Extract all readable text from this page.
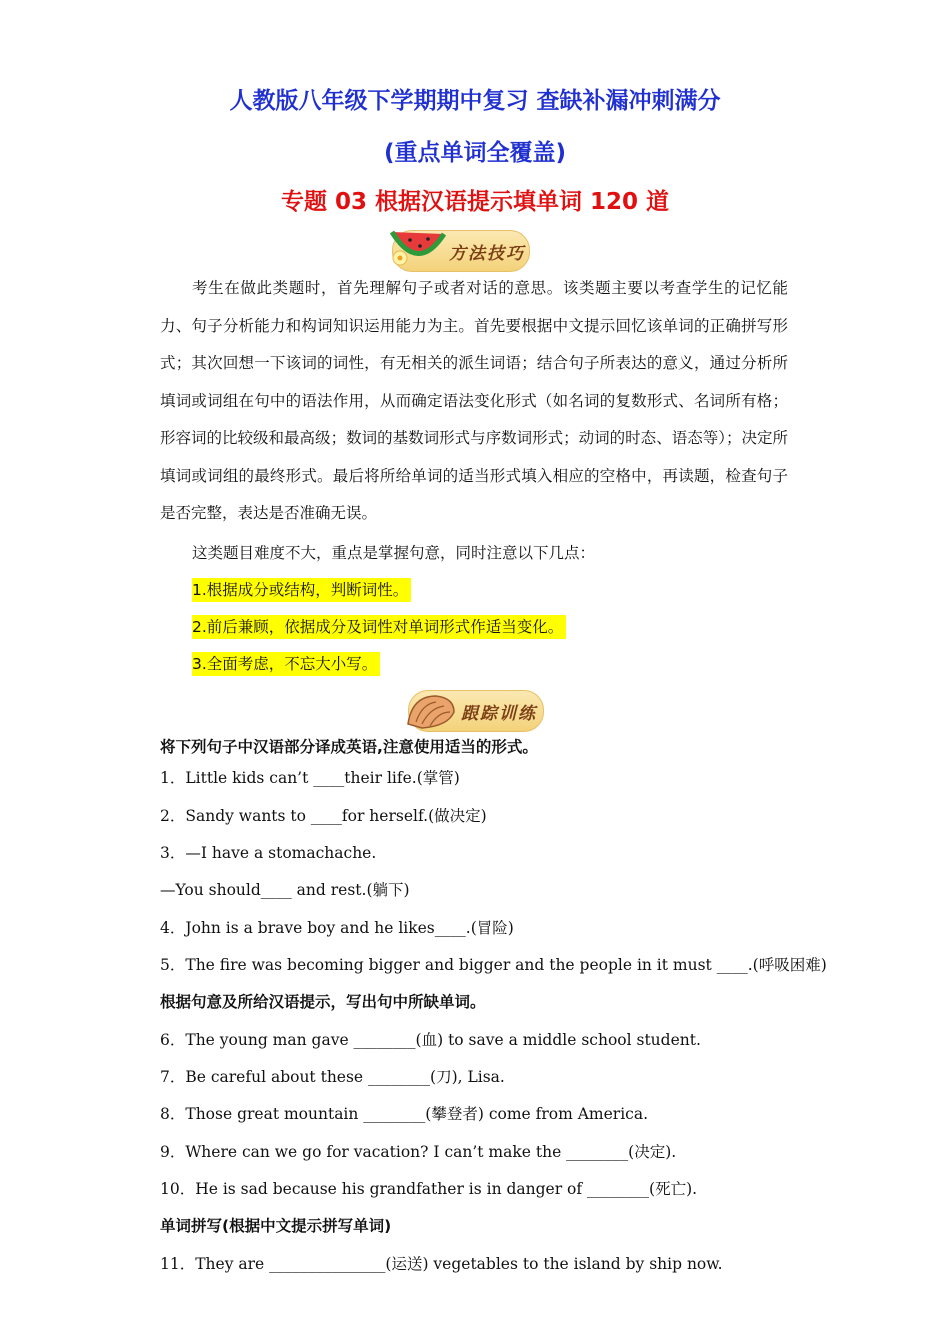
人教版八年级下学期期中复习 查缺补漏冲刺满分
(重点单词全覆盖)
专题 03 根据汉语提示填单词 120 道
方法技巧
考生在做此类题时，首先理解句子或者对话的意思。该类题主要以考查学生的记忆能力、句子分析能力和构词知识运用能力为主。首先要根据中文提示回忆该单词的正确拼写形式；其次回想一下该词的词性，有无相关的派生词语；结合句子所表达的意义，通过分析所填词或词组在句中的语法作用，从而确定语法变化形式（如名词的复数形式、名词所有格；形容词的比较级和最高级；数词的基数词形式与序数词形式；动词的时态、语态等）；决定所填词或词组的最终形式。最后将所给单词的适当形式填入相应的空格中，再读题，检查句子是否完整，表达是否准确无误。
这类题目难度不大，重点是掌握句意，同时注意以下几点：
1.根据成分或结构，判断词性。
2.前后兼顾，依据成分及词性对单词形式作适当变化。
3.全面考虑，不忘大小写。
跟踪训练
将下列句子中汉语部分译成英语,注意使用适当的形式。
1．Little kids can’t ____their life.(掌管)
2．Sandy wants to ____for herself.(做决定)
3．—I have a stomachache.
—You should____ and rest.(躺下)
4．John is a brave boy and he likes____.(冒险)
5．The fire was becoming bigger and bigger and the people in it must ____.(呼吸困难)
根据句意及所给汉语提示，写出句中所缺单词。
6．The young man gave ________(血) to save a middle school student.
7．Be careful about these ________(刀), Lisa.
8．Those great mountain ________(攀登者) come from America.
9．Where can we go for vacation? I can’t make the ________(决定).
10．He is sad because his grandfather is in danger of ________(死亡).
单词拼写(根据中文提示拼写单词)
11．They are _______________(运送) vegetables to the island by ship now.
